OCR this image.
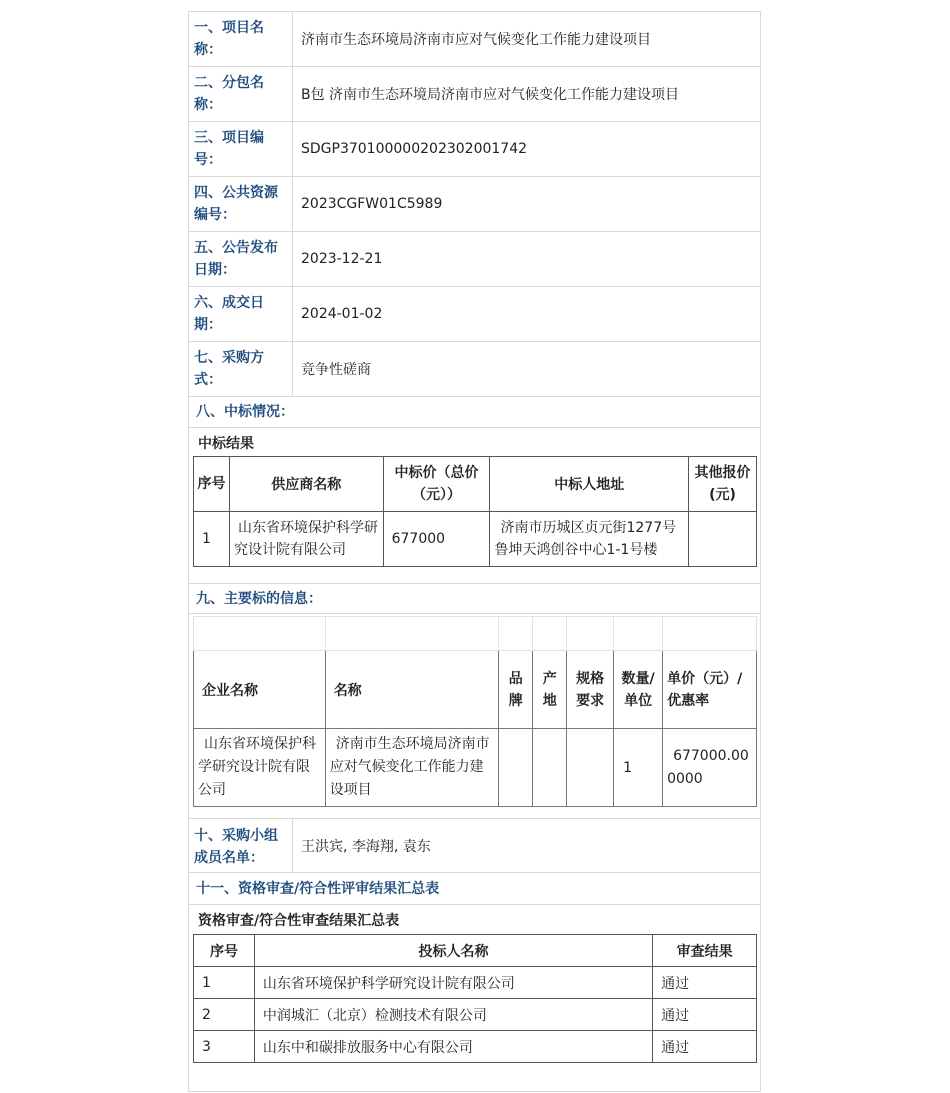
一、项目名称：
济南市生态环境局济南市应对气候变化工作能力建设项目
二、分包名称：
B包 济南市生态环境局济南市应对气候变化工作能力建设项目
三、项目编号：
SDGP370100000202302001742
四、公共资源编号：
2023CGFW01C5989
五、公告发布日期：
2023-12-21
六、成交日期：
2024-01-02
七、采购方式：
竞争性磋商
八、中标情况：
中标结果
序号	供应商名称	中标价（总价（元））	中标人地址	其他报价(元)
1	山东省环境保护科学研究设计院有限公司	677000	济南市历城区贞元街1277号鲁坤天鸿创谷中心1-1号楼	
九、主要标的信息：

企业名称	名称	品牌	产地	规格要求	数量/单位	单价（元）/优惠率
山东省环境保护科学研究设计院有限公司	济南市生态环境局济南市应对气候变化工作能力建设项目				1	677000.000000
十、采购小组成员名单：
王洪宾, 李海翔, 袁东
十一、资格审查/符合性评审结果汇总表
资格审查/符合性审查结果汇总表
序号	投标人名称	审查结果
1	山东省环境保护科学研究设计院有限公司	通过
2	中润城汇（北京）检测技术有限公司	通过
3	山东中和碳排放服务中心有限公司	通过
